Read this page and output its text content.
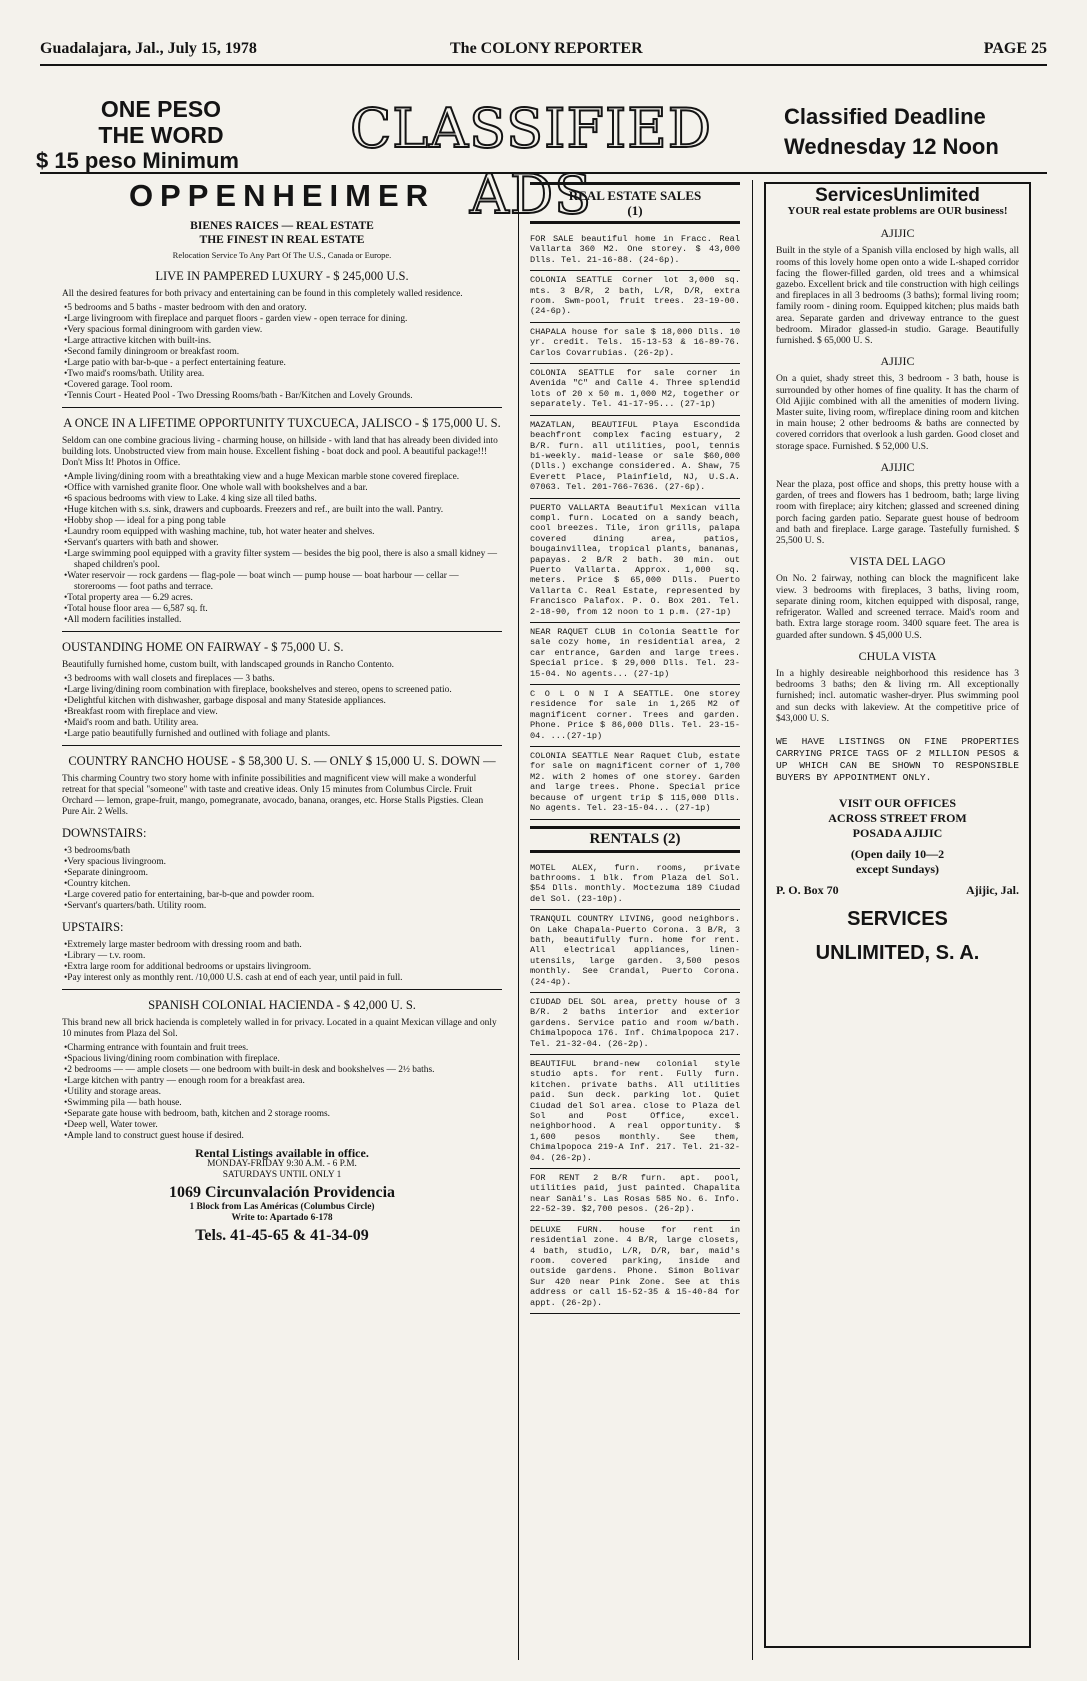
Guadalajara, Jal., July 15, 1978	The COLONY REPORTER	PAGE 25
ONE PESO
THE WORD
$ 15 peso Minimum
CLASSIFIED ADS
Classified Deadline
Wednesday 12 Noon
OPPENHEIMER
BIENES RAICES — REAL ESTATE
THE FINEST IN REAL ESTATE
Relocation Service To Any Part Of The U.S., Canada or Europe.
LIVE IN PAMPERED LUXURY - $ 245,000 U.S.

All the desired features for both privacy and entertaining can be found in this completely walled residence.

• 5 bedrooms and 5 baths - master bedroom with den and oratory.
• Large livingroom with fireplace and parquet floors - garden view - open terrace for dining.
• Very spacious formal diningroom with garden view.
• Large attractive kitchen with built-ins.
• Second family diningroom or breakfast room.
• Large patio with bar-b-que - a perfect entertaining feature.
• Two maid's rooms/bath. Utility area.
• Covered garage. Tool room.
• Tennis Court - Heated Pool - Two Dressing Rooms/bath - Bar/Kitchen and Lovely Grounds.
A ONCE IN A LIFETIME OPPORTUNITY TUXCUECA, JALISCO - $ 175,000 U. S.

Seldom can one combine gracious living - charming house, on hillside - with land that has already been divided into building lots. Unobstructed view from main house. Excellent fishing - boat dock and pool. A beautiful package!!! Don't Miss It! Photos in Office.

• Ample living/dining room with a breathtaking view and a huge Mexican marble stone covered fireplace.
• Office with varnished granite floor. One whole wall with bookshelves and a bar.
• 6 spacious bedrooms with view to Lake. 4 king size all tiled baths.
• Huge kitchen with s.s. sink, drawers and cupboards. Freezers and ref., are built into the wall. Pantry.
• Hobby shop — ideal for a ping pong table
• Laundry room equipped with washing machine, tub, hot water heater and shelves.
• Servant's quarters with bath and shower.
• Large swimming pool equipped with a gravity filter system — besides the big pool, there is also a small kidney — shaped children's pool.
• Water reservoir — rock gardens — flag-pole — boat winch — pump house — boat harbour — cellar — storerooms — foot paths and terrace.
• Total property area — 6.29 acres.
• Total house floor area — 6,587 sq. ft.
• All modern facilities installed.
OUSTANDING HOME ON FAIRWAY - $ 75,000 U. S.

Beautifully furnished home, custom built, with landscaped grounds in Rancho Contento.

• 3 bedrooms with wall closets and fireplaces — 3 baths.
• Large living/dining room combination with fireplace, bookshelves and stereo, opens to screened patio.
• Delightful kitchen with dishwasher, garbage disposal and many Stateside appliances.
• Breakfast room with fireplace and view.
• Maid's room and bath. Utility area.
• Large patio beautifully furnished and outlined with foliage and plants.
COUNTRY RANCHO HOUSE - $ 58,300 U. S. — ONLY $ 15,000 U. S. DOWN —

This charming Country two story home with infinite possibilities and magnificent view will make a wonderful retreat for that special "someone" with taste and creative ideas. Only 15 minutes from Columbus Circle. Fruit Orchard — lemon, grape-fruit, mango, pomegranate, avocado, banana, oranges, etc. Horse Stalls Pigsties. Clean Pure Air. 2 Wells.

DOWNSTAIRS:
• 3 bedrooms/bath
• Very spacious livingroom.
• Separate diningroom.
• Country kitchen.
• Large covered patio for entertaining, bar-b-que and powder room.
• Servant's quarters/bath. Utility room.
UPSTAIRS:
• Extremely large master bedroom with dressing room and bath.
• Library — t.v. room.
• Extra large room for additional bedrooms or upstairs livingroom.
• Pay interest only as monthly rent. /10,000 U.S. cash at end of each year, until paid in full.
SPANISH COLONIAL HACIENDA - $ 42,000 U. S.

This brand new all brick hacienda is completely walled in for privacy. Located in a quaint Mexican village and only 10 minutes from Plaza del Sol.

• Charming entrance with fountain and fruit trees.
• Spacious living/dining room combination with fireplace.
• 2 bedrooms — — ample closets — one bedroom with built-in desk and bookshelves — 2½ baths.
• Large kitchen with pantry — enough room for a breakfast area.
• Utility and storage areas.
• Swimming pila — bath house.
• Separate gate house with bedroom, bath, kitchen and 2 storage rooms.
• Deep well, Water tower.
• Ample land to construct guest house if desired.
Rental Listings available in office.
MONDAY-FRIDAY 9:30 A.M. - 6 P.M.
SATURDAYS UNTIL ONLY 1
1069 Circunvalación Providencia
1 Block from Las Américas (Columbus Circle)
Write to: Apartado 6-178
Tels. 41-45-65 & 41-34-09
REAL ESTATE SALES
(1)

FOR SALE beautiful home in Fracc. Real Vallarta 360 M2. One storey. $ 43,000 Dlls. Tel. 21-16-88. (24-6p).

COLONIA SEATTLE Corner lot 3,000 sq. mts. 3 B/R, 2 bath, L/R, D/R, extra room. Swm-pool, fruit trees. 23-19-00. (24-6p).

CHAPALA house for sale $ 18,000 Dlls. 10 yr. credit. Tels. 15-13-53 & 16-89-76. Carlos Covarrubias. (26-2p).

COLONIA SEATTLE for sale corner in Avenida "C" and Calle 4. Three splendid lots of 20 x 50 m. 1,000 M2, together or separately. Tel. 41-17-95... (27-1p)

MAZATLAN, BEAUTIFUL Playa Escondida beachfront complex facing estuary, 2 B/R. furn. all utilities, pool, tennis bi-weekly. maid-lease or sale $60,000 (Dlls.) exchange considered. A. Shaw, 75 Everett Place, Plainfield, NJ, U.S.A. 07063. Tel. 201-766-7636. (27-6p).

PUERTO VALLARTA Beautiful Mexican villa compl. furn. Located on a sandy beach, cool breezes. Tile, iron grills, palapa covered dining area, patios, bougainvillea, tropical plants, bananas, papayas. 2 B/R 2 bath. 30 min. out Puerto Vallarta. Approx. 1,000 sq. meters. Price $ 65,000 Dlls. Puerto Vallarta C. Real Estate, represented by Francisco Palafox. P. O. Box 201. Tel. 2-18-90, from 12 noon to 1 p.m. (27-1p)

NEAR RAQUET CLUB in Colonia Seattle for sale cozy home, in residential area, 2 car entrance, Garden and large trees. Special price. $ 29,000 Dlls. Tel. 23-15-04. No agents... (27-1p)

C O L O N I A SEATTLE. One storey residence for sale in 1,265 M2 of magnificent corner. Trees and garden. Phone. Price $ 86,000 Dlls. Tel. 23-15-04. ...(27-1p)

COLONIA SEATTLE Near Raquet Club, estate for sale on magnificent corner of 1,700 M2. with 2 homes of one storey. Garden and large trees. Phone. Special price because of urgent trip $ 115,000 Dlls. No agents. Tel. 23-15-04... (27-1p)

RENTALS (2)

MOTEL ALEX, furn. rooms, private bathrooms. 1 blk. from Plaza del Sol. $54 Dlls. monthly. Moctezuma 189 Ciudad del Sol. (23-10p).

TRANQUIL COUNTRY LIVING, good neighbors. On Lake Chapala-Puerto Corona. 3 B/R, 3 bath, beautifully furn. home for rent. All electrical appliances, linen-utensils, large garden. 3,500 pesos monthly. See Crandal, Puerto Corona. (24-4p).

CIUDAD DEL SOL area, pretty house of 3 B/R. 2 baths interior and exterior gardens. Service patio and room w/bath. Chimalpopoca 176. Inf. Chimalpopoca 217. Tel. 21-32-04. (26-2p).

BEAUTIFUL brand-new colonial style studio apts. for rent. Fully furn. kitchen. private baths. All utilities paid. Sun deck. parking lot. Quiet Ciudad del Sol area. close to Plaza del Sol and Post Office, excel. neighborhood. A real opportunity. $ 1,600 pesos monthly. See them, Chimalpopoca 219-A Inf. 217. Tel. 21-32-04. (26-2p).

FOR RENT 2 B/R furn. apt. pool, utilities paid, just painted. Chapalita near Sanài's. Las Rosas 585 No. 6. Info. 22-52-39. $2,700 pesos. (26-2p).

DELUXE FURN. house for rent in residential zone. 4 B/R, large closets, 4 bath, studio, L/R, D/R, bar, maid's room. covered parking, inside and outside gardens. Phone. Simon Bolivar Sur 420 near Pink Zone. See at this address or call 15-52-35 & 15-40-84 for appt. (26-2p).

ServicesUnlimited
YOUR real estate problems are OUR business!
AJIJIC

Built in the style of a Spanish villa enclosed by high walls, all rooms of this lovely home open onto a wide L-shaped corridor facing the flower-filled garden, old trees and a whimsical gazebo. Excellent brick and tile construction with high ceilings and fireplaces in all 3 bedrooms (3 baths); formal living room; family room - dining room. Equipped kitchen; plus maids bath area. Separate garden and driveway entrance to the guest bedroom. Mirador glassed-in studio. Garage. Beautifully furnished. $ 65,000 U. S.

AJIJIC

On a quiet, shady street this, 3 bedroom - 3 bath, house is surrounded by other homes of fine quality. It has the charm of Old Ajijic combined with all the amenities of modern living. Master suite, living room, w/fireplace dining room and kitchen in main house; 2 other bedrooms & baths are connected by covered corridors that overlook a lush garden. Good closet and storage space. Furnished. $ 52,000 U.S.

AJIJIC

Near the plaza, post office and shops, this pretty house with a garden, of trees and flowers has 1 bedroom, bath; large living room with fireplace; airy kitchen; glassed and screened dining porch facing garden patio. Separate guest house of bedroom and bath and fireplace. Large garage. Tastefully furnished. $ 25,500 U. S.

VISTA DEL LAGO

On No. 2 fairway, nothing can block the magnificent lake view. 3 bedrooms with fireplaces, 3 baths, living room, separate dining room, kitchen equipped with disposal, range, refrigerator. Walled and screened terrace. Maid's room and bath. Extra large storage room. 3400 square feet. The area is guarded after sundown. $ 45,000 U.S.

CHULA VISTA

In a highly desireable neighborhood this residence has 3 bedrooms 3 baths; den & living rm. All exceptionally furnished; incl. automatic washer-dryer. Plus swimming pool and sun decks with lakeview. At the competitive price of $43,000 U. S.

WE HAVE LISTINGS ON FINE PROPERTIES CARRYING PRICE TAGS OF 2 MILLION PESOS & UP WHICH CAN BE SHOWN TO RESPONSIBLE BUYERS BY APPOINTMENT ONLY.

VISIT OUR OFFICES
ACROSS STREET FROM
POSADA AJIJIC
(Open daily 10—2
except Sundays)
P. O. Box 70	Ajijic, Jal.
SERVICES
UNLIMITED, S. A.
